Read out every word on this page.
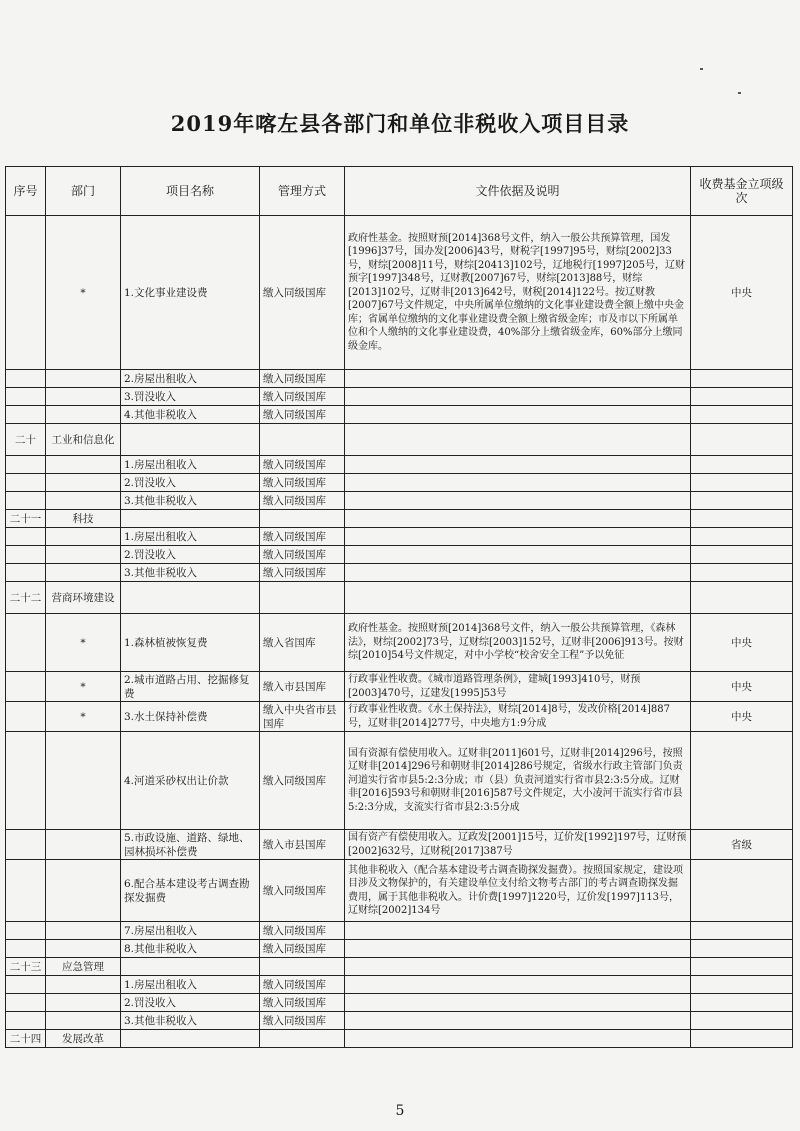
2019年喀左县各部门和单位非税收入项目目录
序号	部门	项目名称	管理方式	文件依据及说明	收费基金立项级次
	*	1.文化事业建设费	缴入同级国库	政府性基金。按照财预[2014]368号文件，纳入一般公共预算管理，国发[1996]37号，国办发[2006]43号，财税字[1997]95号，财综[2002]33号，财综[2008]11号，财综[20413]102号，辽地税行[1997]205号，辽财预字[1997]348号，辽财教[2007]67号，财综[2013]88号，财综[2013]102号，辽财非[2013]642号，财税[2014]122号。按辽财教[2007]67号文件规定，中央所属单位缴纳的文化事业建设费全额上缴中央金库；省属单位缴纳的文化事业建设费全额上缴省级金库；市及市以下所属单位和个人缴纳的文化事业建设费，40%部分上缴省级金库，60%部分上缴同级金库。	中央
		2.房屋出租收入	缴入同级国库		
		3.罚没收入	缴入同级国库		
		4.其他非税收入	缴入同级国库		
二十	工业和信息化				
		1.房屋出租收入	缴入同级国库		
		2.罚没收入	缴入同级国库		
		3.其他非税收入	缴入同级国库		
二十一	科技				
		1.房屋出租收入	缴入同级国库		
		2.罚没收入	缴入同级国库		
		3.其他非税收入	缴入同级国库		
二十二	营商环境建设				
	*	1.森林植被恢复费	缴入省国库	政府性基金。按照财预[2014]368号文件，纳入一般公共预算管理，《森林法》，财综[2002]73号，辽财综[2003]152号，辽财非[2006]913号。按财综[2010]54号文件规定，对中小学校“校舍安全工程”予以免征	中央
	*	2.城市道路占用、挖掘修复费	缴入市县国库	行政事业性收费。《城市道路管理条例》，建城[1993]410号，财预[2003]470号，辽建发[1995]53号	中央
	*	3.水土保持补偿费	缴入中央省市县国库	行政事业性收费。《水土保持法》，财综[2014]8号，发改价格[2014]887号，辽财非[2014]277号，中央地方1:9分成	中央
		4.河道采砂权出让价款	缴入同级国库	国有资源有偿使用收入。辽财非[2011]601号，辽财非[2014]296号，按照辽财非[2014]296号和朝财非[2014]286号规定，省级水行政主管部门负责河道实行省市县5:2:3分成；市（县）负责河道实行省市县2:3:5分成。辽财非[2016]593号和朝财非[2016]587号文件规定，大小凌河干流实行省市县5:2:3分成，支流实行省市县2:3:5分成	
		5.市政设施、道路、绿地、园林损坏补偿费	缴入市县国库	国有资产有偿使用收入。辽政发[2001]15号，辽价发[1992]197号，辽财预[2002]632号，辽财税[2017]387号	省级
		6.配合基本建设考古调查勘探发掘费	缴入同级国库	其他非税收入（配合基本建设考古调查勘探发掘费）。按照国家规定，建设项目涉及文物保护的，有关建设单位支付给文物考古部门的考古调查勘探发掘费用，属于其他非税收入。计价费[1997]1220号，辽价发[1997]113号，辽财综[2002]134号	
		7.房屋出租收入	缴入同级国库		
		8.其他非税收入	缴入同级国库		
二十三	应急管理				
		1.房屋出租收入	缴入同级国库		
		2.罚没收入	缴入同级国库		
		3.其他非税收入	缴入同级国库		
二十四	发展改革				
5
